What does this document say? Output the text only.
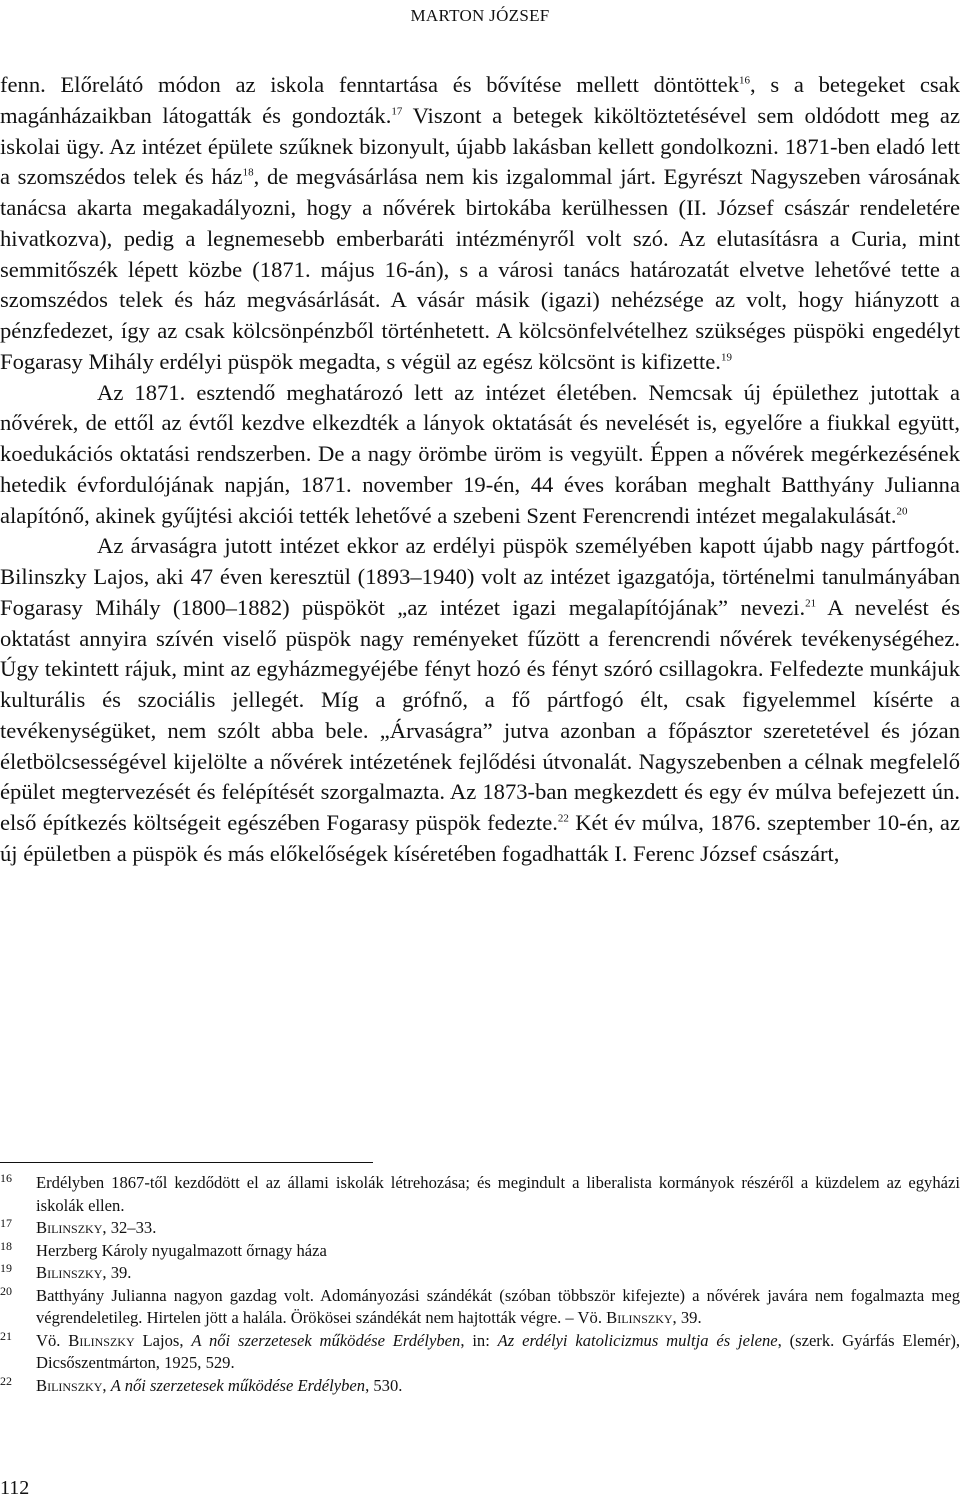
MARTON JÓZSEF

fenn. Előrelátó módon az iskola fenntartása és bővítése mellett döntöttek$^{16}$, s a betegeket csak magánházaikban látogatták és gondozták.$^{17}$ Viszont a betegek kiköltöztetésével sem oldódott meg az iskolai ügy. Az intézet épülete szűknek bizonyult, újabb lakásban kellett gondolkozni. 1871-ben eladó lett a szomszédos telek és ház$^{18}$, de megvásárlása nem kis izgalommal járt. Egyrészt Nagyszeben városának tanácsa akarta megakadályozni, hogy a nővérek birtokába kerülhessen (II. József császár rendeletére hivatkozva), pedig a legnemesebb emberbaráti intézményről volt szó. Az elutasításra a Curia, mint semmitőszék lépett közbe (1871. május 16-án), s a városi tanács határozatát elvetve lehetővé tette a szomszédos telek és ház megvásárlását. A vásár másik (igazi) nehézsége az volt, hogy hiányzott a pénzfedezet, így az csak kölcsönpénzből történhetett. A kölcsönfelvételhez szükséges püspöki engedélyt Fogarasy Mihály erdélyi püspök megadta, s végül az egész kölcsönt is kifizette.$^{19}$

Az 1871. esztendő meghatározó lett az intézet életében. Nemcsak új épülethez jutottak a nővérek, de ettől az évtől kezdve elkezdték a lányok oktatását és nevelését is, egyelőre a fiukkal együtt, koedukációs oktatási rendszerben. De a nagy örömbe üröm is vegyült. Éppen a nővérek megérkezésének hetedik évfordulójának napján, 1871. november 19-én, 44 éves korában meghalt Batthyány Julianna alapítónő, akinek gyűjtési akciói tették lehetővé a szebeni Szent Ferencrendi intézet megalakulását.$^{20}$

Az árvaságra jutott intézet ekkor az erdélyi püspök személyében kapott újabb nagy pártfogót. Bilinszky Lajos, aki 47 éven keresztül (1893–1940) volt az intézet igazgatója, történelmi tanulmányában Fogarasy Mihály (1800–1882) püspököt „az intézet igazi megalapítójának” nevezi.$^{21}$ A nevelést és oktatást annyira szívén viselő püspök nagy reményeket fűzött a ferencrendi nővérek tevékenységéhez. Úgy tekintett rájuk, mint az egyházmegyéjébe fényt hozó és fényt szóró csillagokra. Felfedezte munkájuk kulturális és szociális jellegét. Míg a grófnő, a fő pártfogó élt, csak figyelemmel kísérte a tevékenységüket, nem szólt abba bele. „Árvaságra” jutva azonban a főpásztor szeretetével és józan életbölcsességével kijelölte a nővérek intézetének fejlődési útvonalát. Nagyszebenben a célnak megfelelő épület megtervezését és felépítését szorgalmazta. Az 1873-ban megkezdett és egy év múlva befejezett ún. első építkezés költségeit egészében Fogarasy püspök fedezte.$^{22}$ Két év múlva, 1876. szeptember 10-én, az új épületben a püspök és más előkelőségek kíséretében fogadhatták I. Ferenc József császárt,

16 Erdélyben 1867-től kezdődött el az állami iskolák létrehozása; és megindult a liberalista kormányok részéről a küzdelem az egyházi iskolák ellen.
17 Bilinszky, 32–33.
18 Herzberg Károly nyugalmazott őrnagy háza
19 Bilinszky, 39.
20 Batthyány Julianna nagyon gazdag volt. Adományozási szándékát (szóban többször kifejezte) a nővérek javára nem fogalmazta meg végrendeletileg. Hirtelen jött a halála. Örökösei szándékát nem hajtották végre. – Vö. Bilinszky, 39.
21 Vö. Bilinszky Lajos, A női szerzetesek működése Erdélyben, in: Az erdélyi katolicizmus multja és jelene, (szerk. Gyárfás Elemér), Dicsőszentmárton, 1925, 529.
22 Bilinszky, A női szerzetesek működése Erdélyben, 530.
112
